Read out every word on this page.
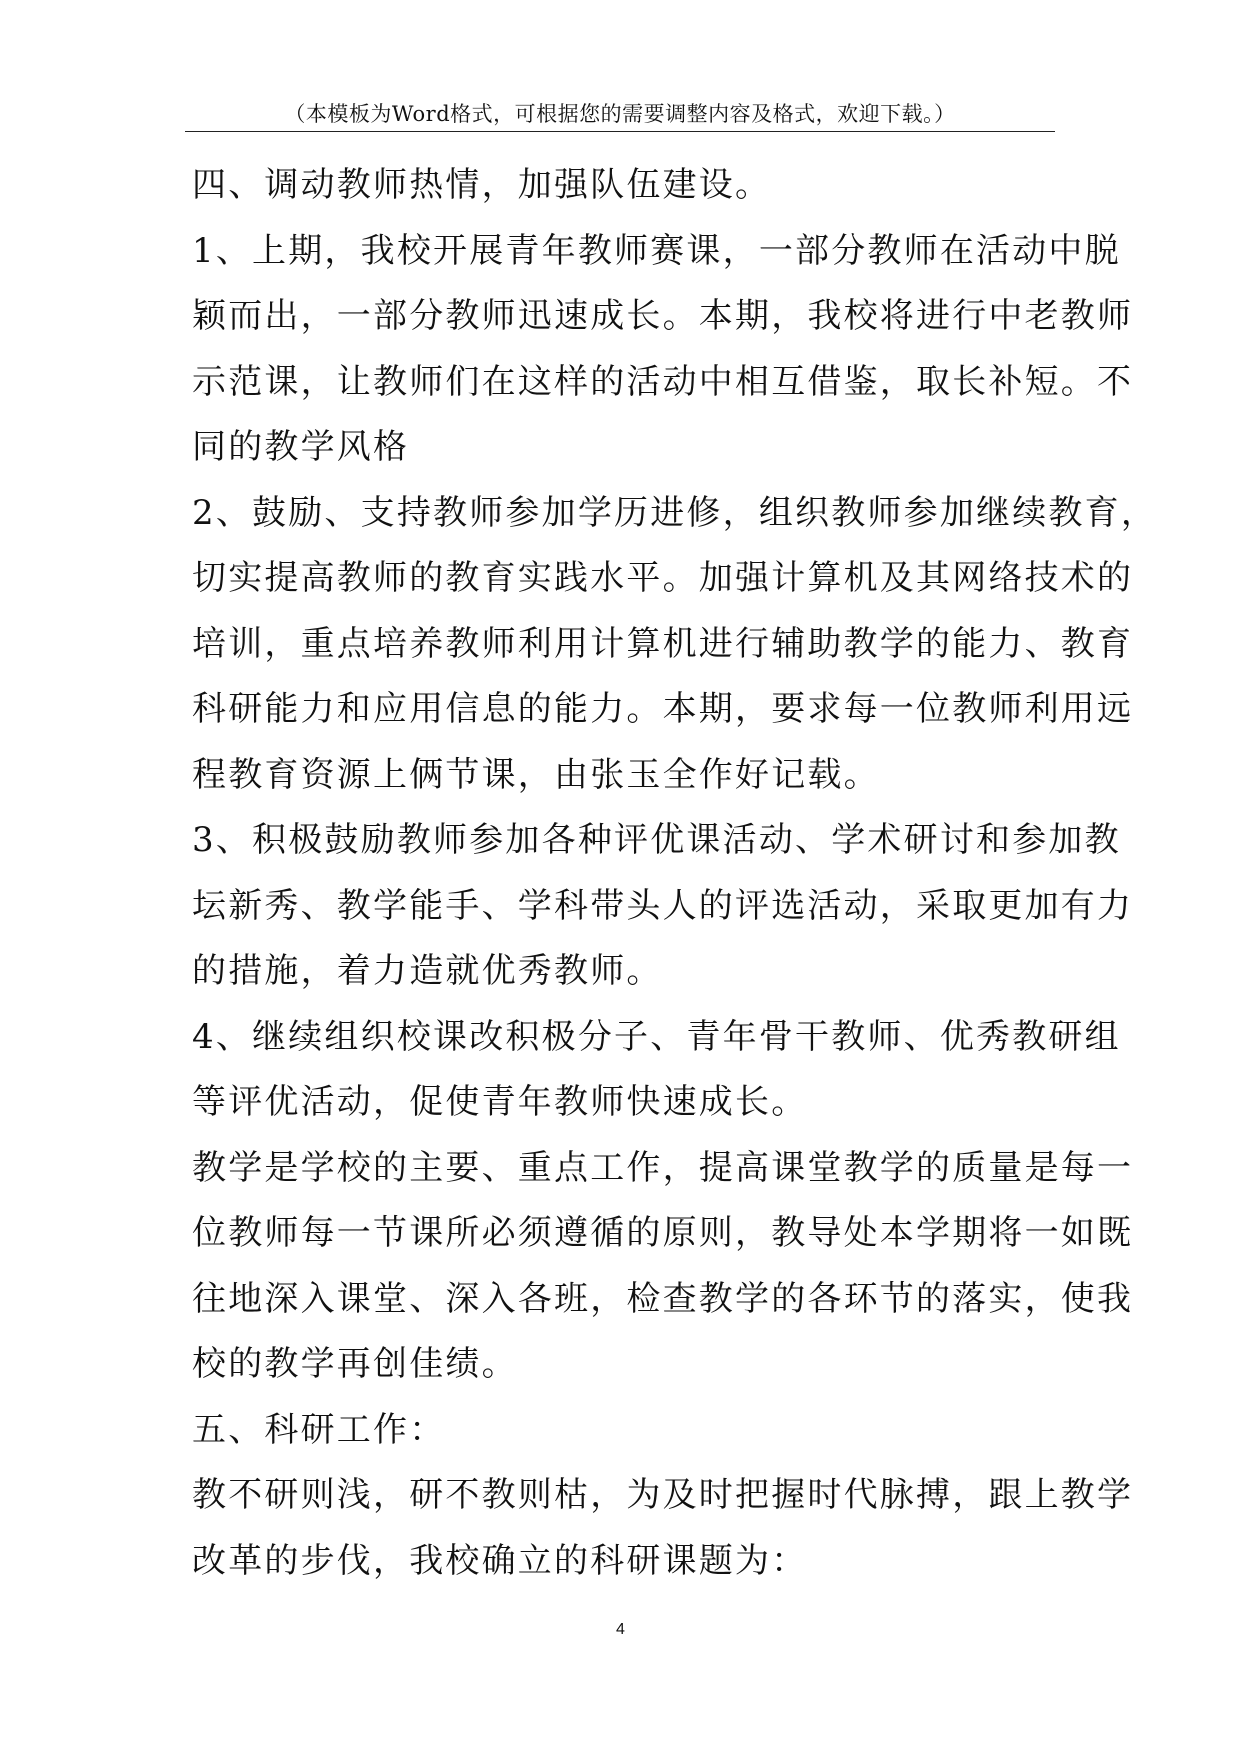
（本模板为Word格式，可根据您的需要调整内容及格式，欢迎下载。）
四、调动教师热情，加强队伍建设。
1、上期，我校开展青年教师赛课，一部分教师在活动中脱
颖而出，一部分教师迅速成长。本期，我校将进行中老教师
示范课，让教师们在这样的活动中相互借鉴，取长补短。不
同的教学风格
2、鼓励、支持教师参加学历进修，组织教师参加继续教育，
切实提高教师的教育实践水平。加强计算机及其网络技术的
培训，重点培养教师利用计算机进行辅助教学的能力、教育
科研能力和应用信息的能力。本期，要求每一位教师利用远
程教育资源上俩节课，由张玉全作好记载。
3、积极鼓励教师参加各种评优课活动、学术研讨和参加教
坛新秀、教学能手、学科带头人的评选活动，采取更加有力
的措施，着力造就优秀教师。
4、继续组织校课改积极分子、青年骨干教师、优秀教研组
等评优活动，促使青年教师快速成长。
教学是学校的主要、重点工作，提高课堂教学的质量是每一
位教师每一节课所必须遵循的原则，教导处本学期将一如既
往地深入课堂、深入各班，检查教学的各环节的落实，使我
校的教学再创佳绩。
五、科研工作：
教不研则浅，研不教则枯，为及时把握时代脉搏，跟上教学
改革的步伐，我校确立的科研课题为：
4
